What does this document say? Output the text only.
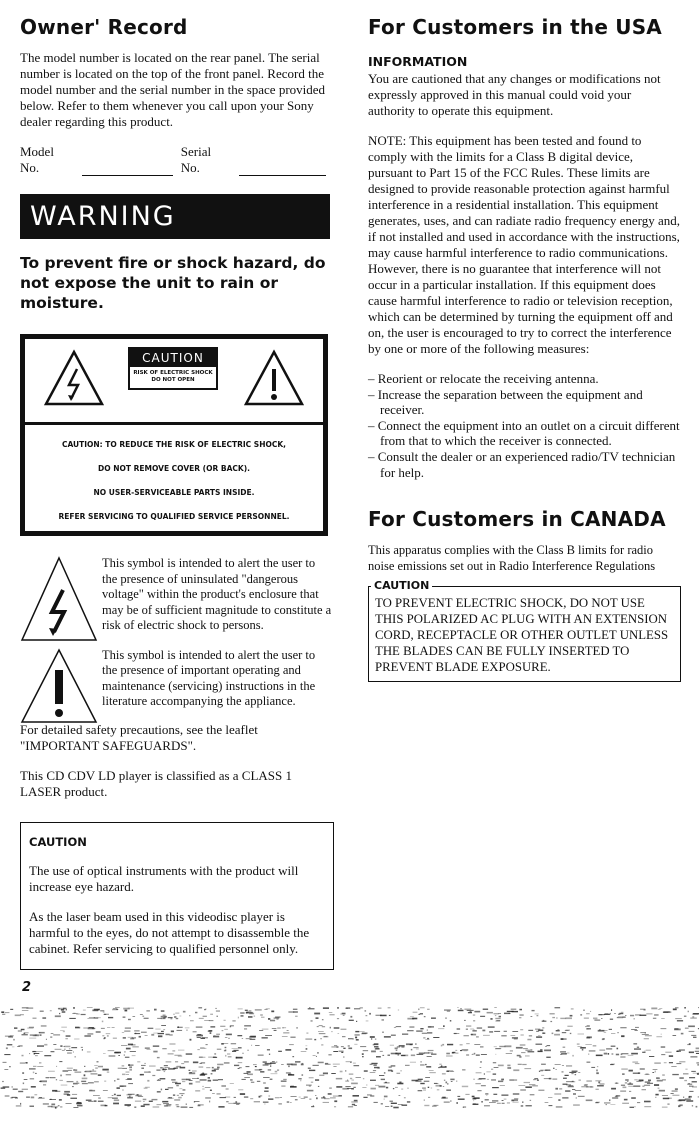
Owner' Record

The model number is located on the rear panel. The serial number is located on the top of the front panel. Record the model number and the serial number in the space provided below. Refer to them whenever you call upon your Sony dealer regarding this product.

Model No.
Serial No.
WARNING
To prevent fire or shock hazard, do not expose the unit to rain or moisture.
CAUTION
RISK OF ELECTRIC SHOCK
DO NOT OPEN
CAUTION: TO REDUCE THE RISK OF ELECTRIC SHOCK,
DO NOT REMOVE COVER (OR BACK).
NO USER-SERVICEABLE PARTS INSIDE.
REFER SERVICING TO QUALIFIED SERVICE PERSONNEL.

This symbol is intended to alert the user to the presence of uninsulated "dangerous voltage" within the product's enclosure that may be of sufficient magnitude to constitute a risk of electric shock to persons.

This symbol is intended to alert the user to the presence of important operating and maintenance (servicing) instructions in the literature accompanying the appliance.

For detailed safety precautions, see the leaflet "IMPORTANT SAFEGUARDS".

This CD CDV LD player is classified as a CLASS 1 LASER product.

CAUTION

The use of optical instruments with the product will increase eye hazard.

As the laser beam used in this videodisc player is harmful to the eyes, do not attempt to disassemble the cabinet. Refer servicing to qualified personnel only.

For Customers in the USA
INFORMATION

You are cautioned that any changes or modifications not expressly approved in this manual could void your authority to operate this equipment.

NOTE: This equipment has been tested and found to comply with the limits for a Class B digital device, pursuant to Part 15 of the FCC Rules. These limits are designed to provide reasonable protection against harmful interference in a residential installation. This equipment generates, uses, and can radiate radio frequency energy and, if not installed and used in accordance with the instructions, may cause harmful interference to radio communications. However, there is no guarantee that interference will not occur in a particular installation. If this equipment does cause harmful interference to radio or television reception, which can be determined by turning the equipment off and on, the user is encouraged to try to correct the interference by one or more of the following measures:

– Reorient or relocate the receiving antenna.
– Increase the separation between the equipment and receiver.
– Connect the equipment into an outlet on a circuit different from that to which the receiver is connected.
– Consult the dealer or an experienced radio/TV technician for help.
For Customers in CANADA

This apparatus complies with the Class B limits for radio noise emissions set out in Radio Interference Regulations

CAUTION

TO PREVENT ELECTRIC SHOCK, DO NOT USE THIS POLARIZED AC PLUG WITH AN EXTENSION CORD, RECEPTACLE OR OTHER OUTLET UNLESS THE BLADES CAN BE FULLY INSERTED TO PREVENT BLADE EXPOSURE.

2
